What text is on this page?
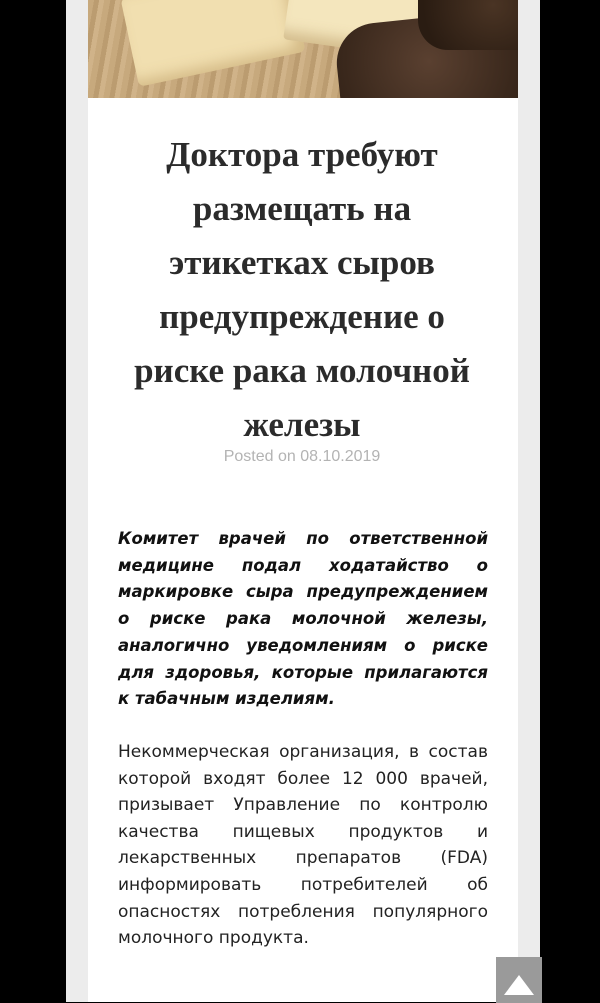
Доктора требуют размещать на этикетках сыров предупреждение о риске рака молочной железы
Posted on 08.10.2019

Комитет врачей по ответственной медицине подал ходатайство о маркировке сыра предупреждением о риске рака молочной железы, аналогично уведомлениям о риске для здоровья, которые прилагаются к табачным изделиям.

Некоммерческая организация, в состав которой входят более 12 000 врачей, призывает Управление по контролю качества пищевых продуктов и лекарственных препаратов (FDA) информировать потребителей об опасностях потребления популярного молочного продукта.
